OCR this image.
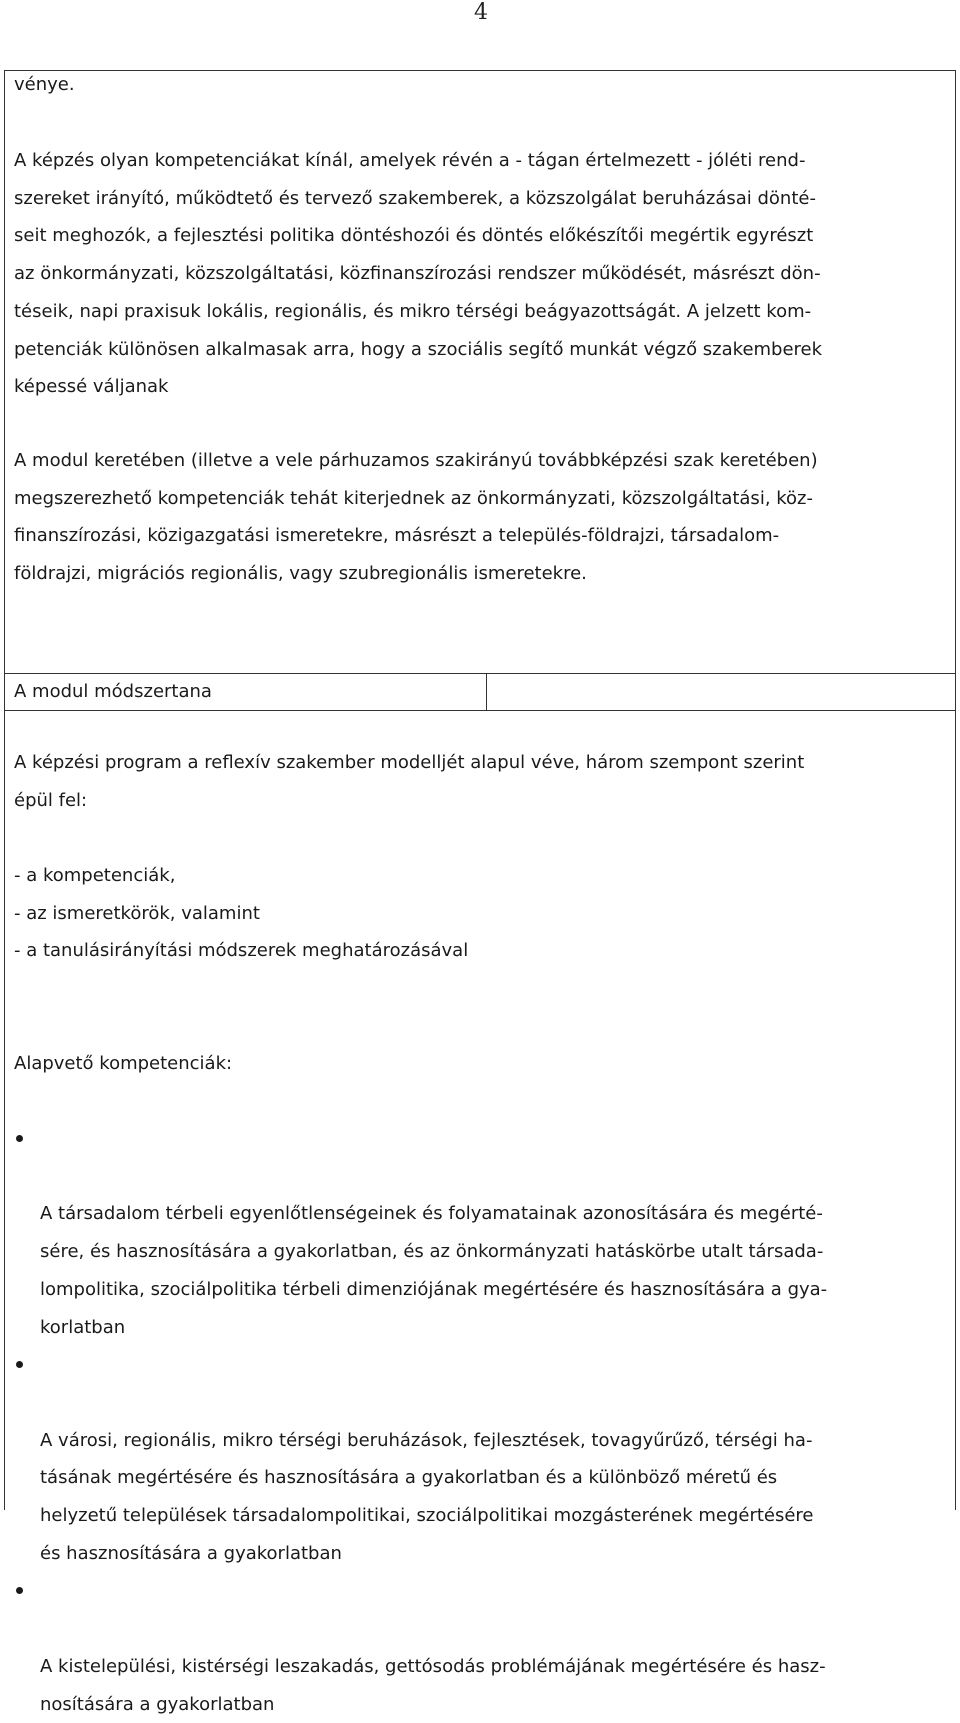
4
vénye.
A képzés olyan kompetenciákat kínál, amelyek révén a - tágan értelmezett - jóléti rend-
szereket irányító, működtető és tervező szakemberek, a közszolgálat beruházásai dönté-
seit meghozók, a fejlesztési politika döntéshozói és döntés előkészítői megértik egyrészt
az önkormányzati, közszolgáltatási, közfinanszírozási rendszer működését, másrészt dön-
téseik, napi praxisuk lokális, regionális, és mikro térségi beágyazottságát. A jelzett kom-
petenciák különösen alkalmasak arra, hogy a szociális segítő munkát végző szakemberek
képessé váljanak
A modul keretében (illetve a vele párhuzamos szakirányú továbbképzési szak keretében)
megszerezhető kompetenciák tehát kiterjednek az önkormányzati, közszolgáltatási, köz-
finanszírozási, közigazgatási ismeretekre, másrészt a település-földrajzi, társadalom-
földrajzi, migrációs regionális, vagy szubregionális ismeretekre.
A modul módszertana
A képzési program a reflexív szakember modelljét alapul véve, három szempont szerint
épül fel:
- a kompetenciák,
- az ismeretkörök, valamint
- a tanulásirányítási módszerek meghatározásával
Alapvető kompetenciák:

A társadalom térbeli egyenlőtlenségeinek és folyamatainak azonosítására és megérté-
sére, és hasznosítására a gyakorlatban, és az önkormányzati hatáskörbe utalt társada-
lompolitika, szociálpolitika térbeli dimenziójának megértésére és hasznosítására a gya-
korlatban

A városi, regionális, mikro térségi beruházások, fejlesztések, tovagyűrűző, térségi ha-
tásának megértésére és hasznosítására a gyakorlatban és a különböző méretű és
helyzetű települések társadalompolitikai, szociálpolitikai mozgásterének megértésére
és hasznosítására a gyakorlatban

A kistelepülési, kistérségi leszakadás, gettósodás problémájának megértésére és hasz-
nosítására a gyakorlatban
